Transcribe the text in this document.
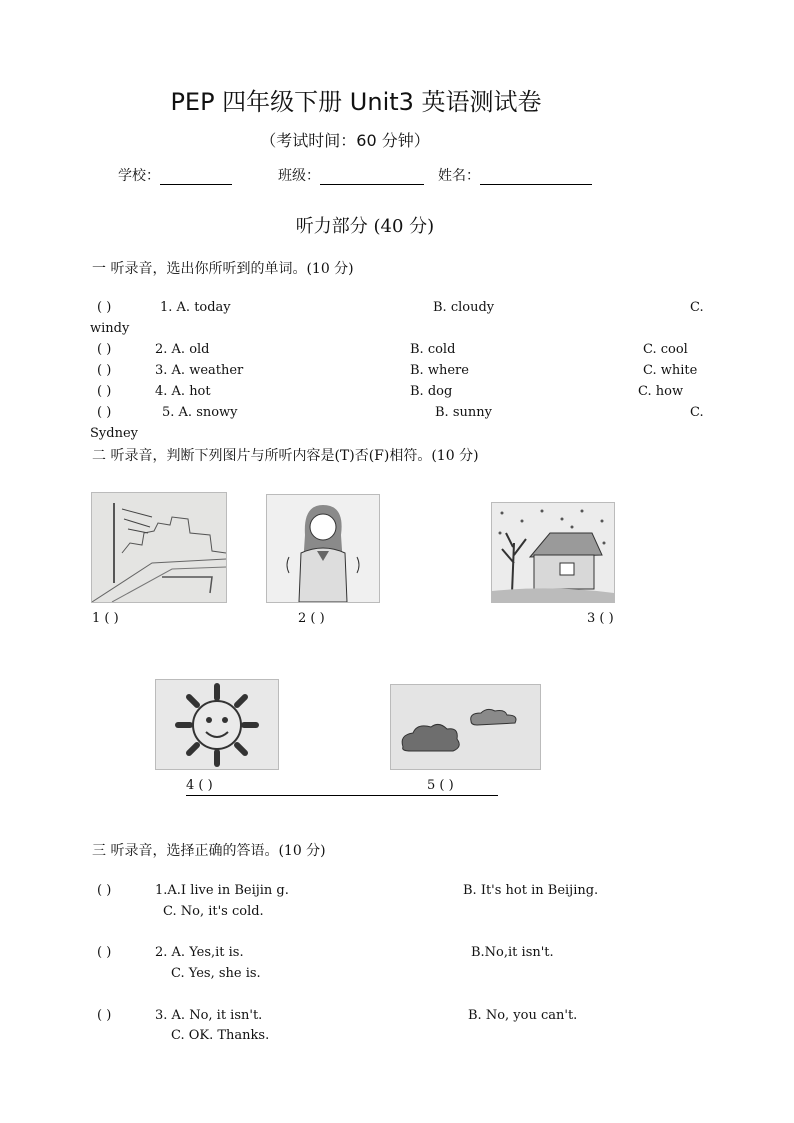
PEP 四年级下册 Unit3 英语测试卷
（考试时间：60 分钟）
学校：	班级：	姓名：
听力部分 (40 分)
一 听录音，选出你所听到的单词。(10 分)
( )	1. A. today	B. cloudy	C.
windy
( )	2. A. old	B. cold	C. cool
( )	3. A. weather	B. where	C. white
( )	4. A. hot	B. dog	C. how
( )	5. A. snowy	B. sunny	C.
Sydney
二 听录音，判断下列图片与所听内容是(T)否(F)相符。(10 分)
1 ( )	2 ( )	3 ( )
4 ( )	5 ( )
三 听录音，选择正确的答语。(10 分)
( )	1.A.I live in Beijin g.	B. It's hot in Beijing.
C. No, it's cold.
( )	2. A. Yes,it is.	B.No,it isn't.
C. Yes, she is.
( )	3. A. No, it isn't.	B. No, you can't.
C. OK. Thanks.
